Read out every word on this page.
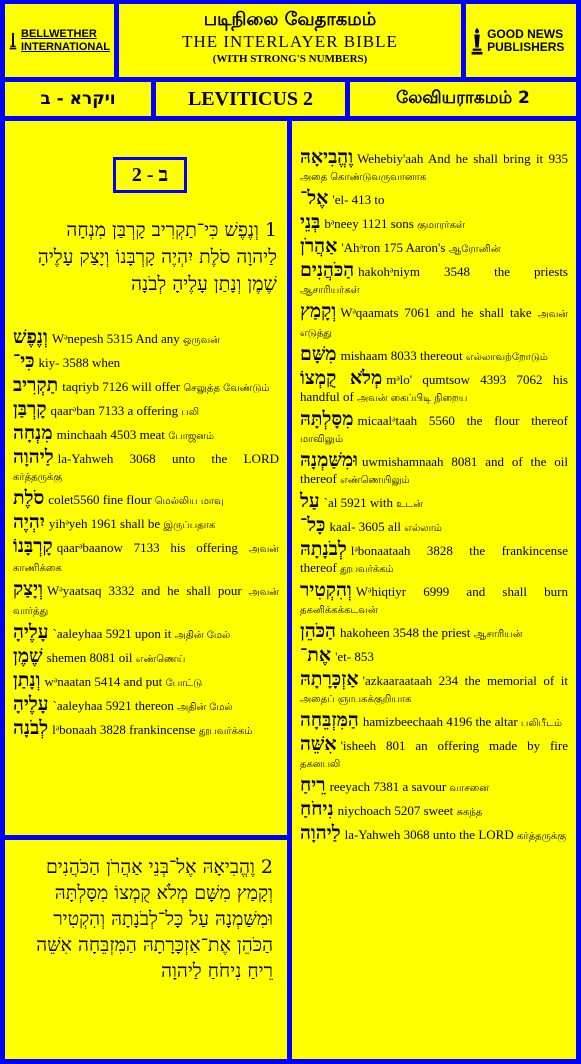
BELLWETHER INTERNATIONAL
படிநிலை வேதாகமம்
THE INTERLAYER BIBLE
(WITH STRONG'S NUMBERS)
GOOD NEWS PUBLISHERS
ויקרא - ב	LEVITICUS 2	லேவியராகமம் 2
2 - ב
1 וְנֶפֶשׁ כִּי־תַקְרִיב קָרְבַּן מִנְחָה לַיהוָה סֹלֶת יִהְיֶה קָרְבָּנוֹ וְיָצַק עָלֶיהָ שֶׁמֶן וְנָתַן עָלֶיהָ לְבֹנָה
וְנֶפֶשׁ Wᵊnepesh 5315 And any ஒருவன்
כִּי־ kiy- 3588 when
תַקְרִיב taqriyb 7126 will offer செலுத்த வேண்டும்
קָרְבַּן qaarᵊban 7133 a offering பலி
מִנְחָה minchaah 4503 meat போஜனம்
לַיהוָה la-Yahweh 3068 unto the LORD கர்த்தருக்கு
סֹלֶת colet5560 fine flour மெல்லிய மாவு
יִהְיֶה yihᵊyeh 1961 shall be இருப்பதாக
קָרְבָּנוֹ qaarᵊbaanow 7133 his offering அவன் காணிக்கை
וְיָצַק Wᵊyaatsaq 3332 and he shall pour அவன் வார்த்து
עָלֶיהָ `aaleyhaa 5921 upon it அதின் மேல்
שֶׁמֶן shemen 8081 oil எண்ணெய்
וְנָתַן wᵊnaatan 5414 and put போட்டு
עָלֶיהָ `aaleyhaa 5921 thereon அதின் மேல்
לְבֹנָה lᵊbonaah 3828 frankincense தூபவர்க்கம்
2 וֶהֱבִיאָהּ אֶל־בְּנֵי אַהֲרֹן הַכֹּהֲנִים וְקָמַץ מִשָּׁם מְלֹא קֻמְצוֹ מִסָּלְתָּהּ וּמִשַּׁמְנָהּ עַל כָּל־לְבֹנָתָהּ וְהִקְטִיר הַכֹּהֵן אֶת־אַזְכָּרָתָהּ הַמִּזְבֵּחָה אִשֵּׁה רֵיחַ נִיחֹחַ לַיהוָה
וֶהֱבִיאָהּ Wehebiy'aah And he shall bring it 935 அதை கொண்டுவருவானாக
אֶל־ 'el- 413 to
בְּנֵי bᵊneey 1121 sons குமாரர்கள்
אַהֲרֹן 'Ahᵊron 175 Aaron's ஆரோனின்
הַכֹּהֲנִים hakohᵊniym 3548 the priests ஆசாரியர்கள்
וְקָמַץ Wᵊqaamats 7061 and he shall take அவன் எடுத்து
מִשָּׁם mishaam 8033 thereout எல்லாவற்றோடும்
מְלֹא קֻמְצוֹ mᵊlo' qumtsow 4393 7062 his handful of அவன் கைப்பிடி நிறைய
מִסָּלְתָּהּ micaalᵊtaah 5560 the flour thereof மாவிலும்
וּמִשַּׁמְנָהּ uwmishamnaah 8081 and of the oil thereof எண்ணெயிலும்
עַל `al 5921 with உடன்
כָּל־ kaal- 3605 all எல்லாம்
לְבֹנָתָהּ lᵊbonaataah 3828 the frankincense thereof தூபவர்க்கம்
וְהִקְטִיר Wᵊhiqtiyr 6999 and shall burn தகனிக்கக்கடவன்
הַכֹּהֵן hakoheen 3548 the priest ஆசாரியன்
אֶת־ 'et- 853
אַזְכָּרָתָהּ 'azkaaraataah 234 the memorial of it அதைப் ஞாபகக்குறியாக
הַמִּזְבֵּחָה hamizbeechaah 4196 the altar பலிபீடம்
אִשֵּׁה 'isheeh 801 an offering made by fire தகனபலி
רֵיחַ reeyach 7381 a savour வாசனை
נִיחֹחַ niychoach 5207 sweet சுகந்த
לַיהוָה la-Yahweh 3068 unto the LORD கர்த்தருக்கு
